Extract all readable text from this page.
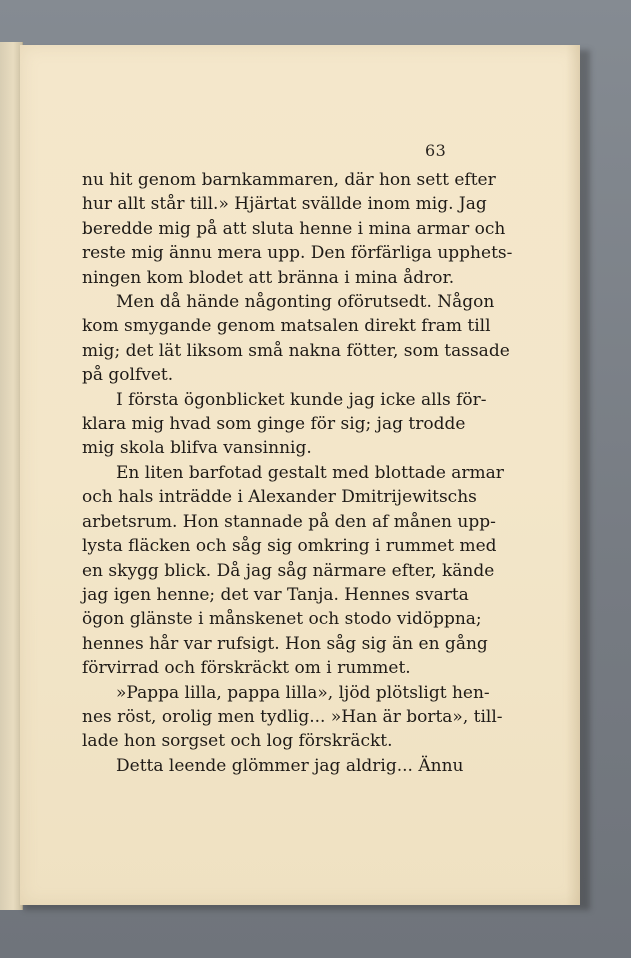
63
nu hit genom barnkammaren, där hon sett efter
hur allt står till.» Hjärtat svällde inom mig. Jag
beredde mig på att sluta henne i mina armar och
reste mig ännu mera upp. Den förfärliga upphets-
ningen kom blodet att bränna i mina ådror.
Men då hände någonting oförutsedt. Någon
kom smygande genom matsalen direkt fram till
mig; det lät liksom små nakna fötter, som tassade
på golfvet.
I första ögonblicket kunde jag icke alls för-
klara mig hvad som ginge för sig; jag trodde
mig skola blifva vansinnig.
En liten barfotad gestalt med blottade armar
och hals inträdde i Alexander Dmitrijewitschs
arbetsrum. Hon stannade på den af månen upp-
lysta fläcken och såg sig omkring i rummet med
en skygg blick. Då jag såg närmare efter, kände
jag igen henne; det var Tanja. Hennes svarta
ögon glänste i månskenet och stodo vidöppna;
hennes hår var rufsigt. Hon såg sig än en gång
förvirrad och förskräckt om i rummet.
»Pappa lilla, pappa lilla», ljöd plötsligt hen-
nes röst, orolig men tydlig... »Han är borta», till-
lade hon sorgset och log förskräckt.
Detta leende glömmer jag aldrig... Ännu
